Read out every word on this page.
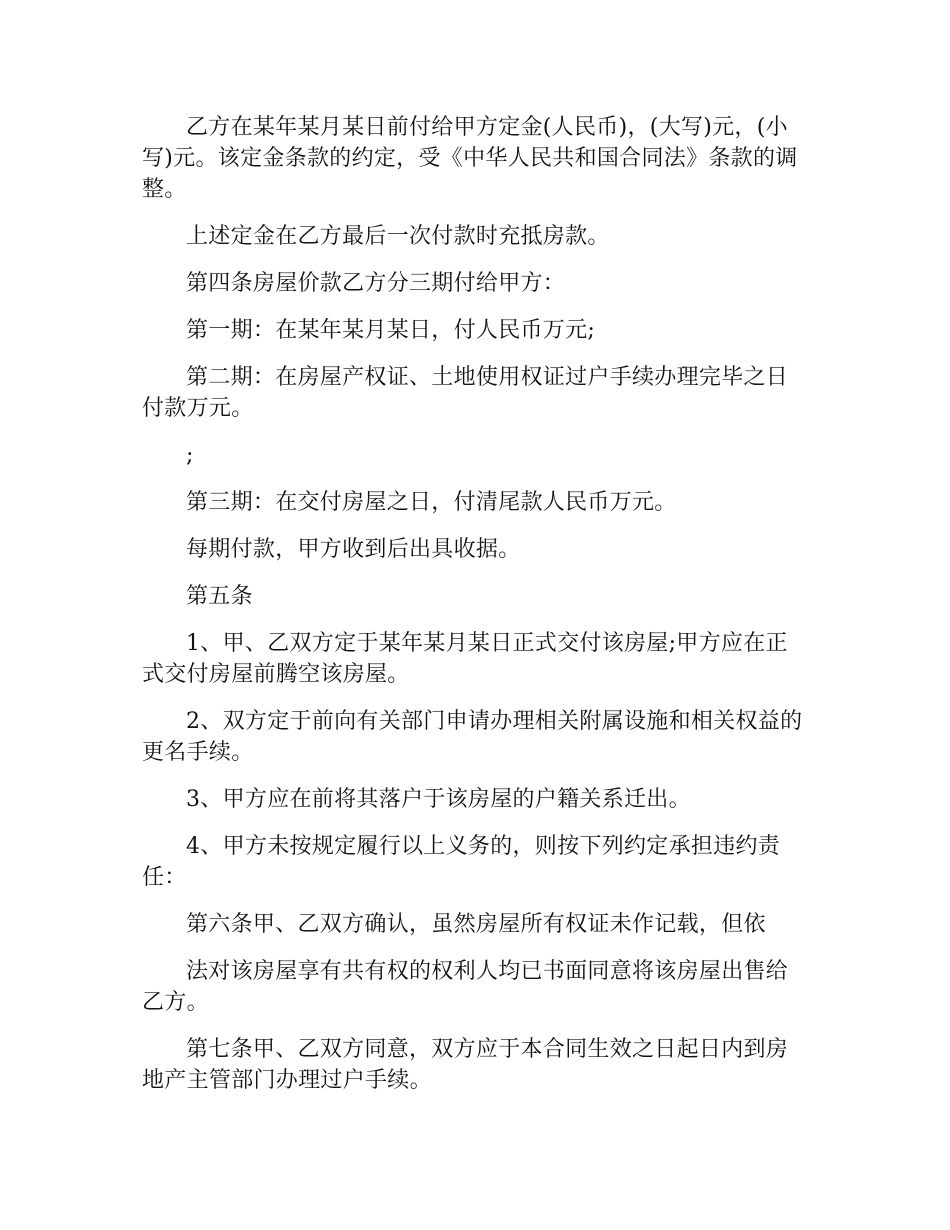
乙方在某年某月某日前付给甲方定金(人民币)，(大写)元，(小写)元。该定金条款的约定，受《中华人民共和国合同法》条款的调整。

上述定金在乙方最后一次付款时充抵房款。

第四条房屋价款乙方分三期付给甲方：

第一期：在某年某月某日，付人民币万元;

第二期：在房屋产权证、土地使用权证过户手续办理完毕之日付款万元。

;

第三期：在交付房屋之日，付清尾款人民币万元。

每期付款，甲方收到后出具收据。

第五条

1、甲、乙双方定于某年某月某日正式交付该房屋;甲方应在正式交付房屋前腾空该房屋。

2、双方定于前向有关部门申请办理相关附属设施和相关权益的更名手续。

3、甲方应在前将其落户于该房屋的户籍关系迁出。

4、甲方未按规定履行以上义务的，则按下列约定承担违约责任：

第六条甲、乙双方确认，虽然房屋所有权证未作记载，但依

法对该房屋享有共有权的权利人均已书面同意将该房屋出售给乙方。

第七条甲、乙双方同意，双方应于本合同生效之日起日内到房地产主管部门办理过户手续。
